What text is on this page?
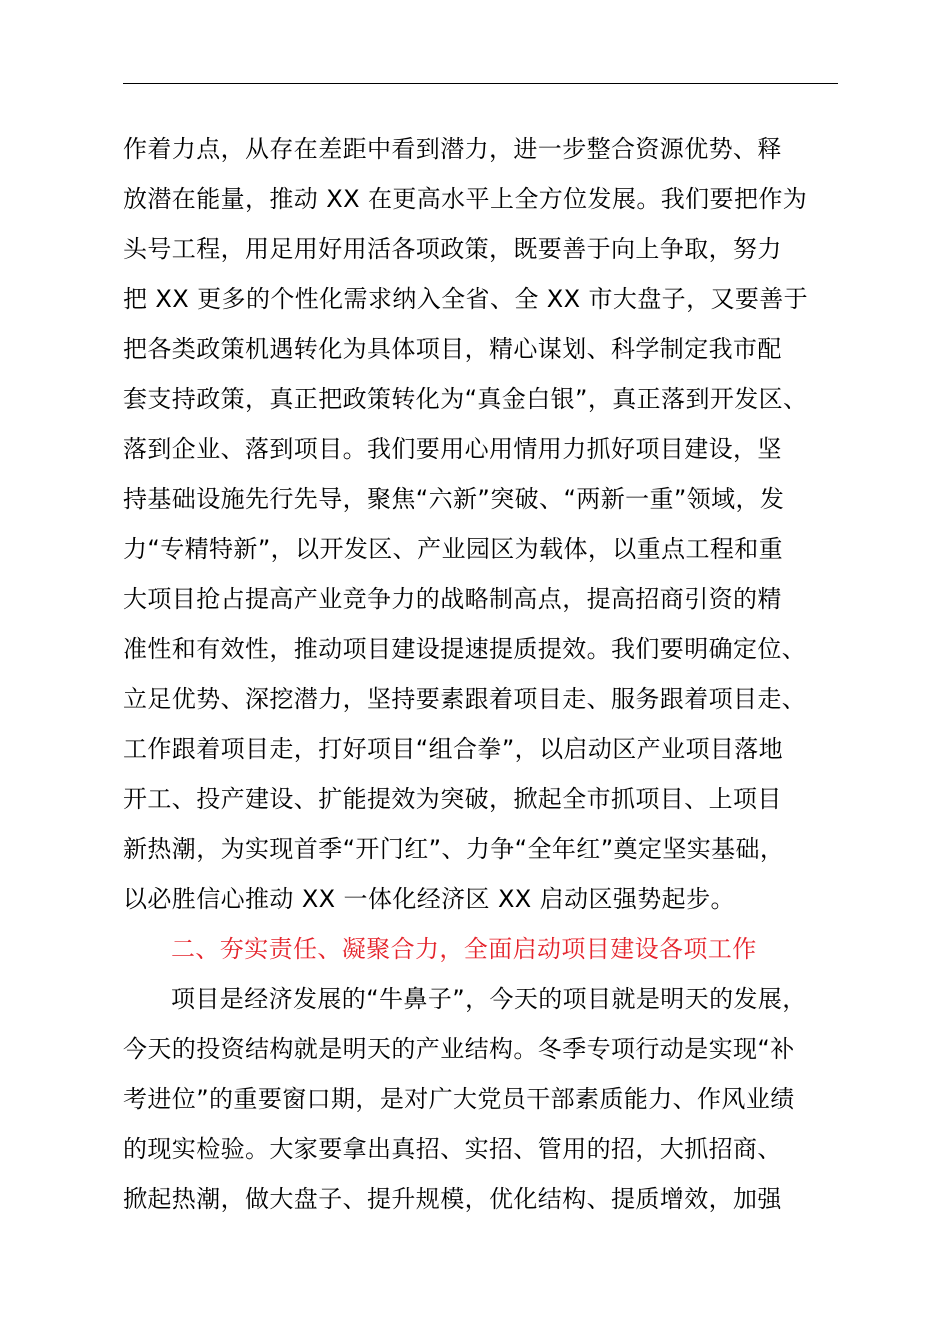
作着力点，从存在差距中看到潜力，进一步整合资源优势、释
放潜在能量，推动 XX 在更高水平上全方位发展。我们要把作为
头号工程，用足用好用活各项政策，既要善于向上争取，努力
把 XX 更多的个性化需求纳入全省、全 XX 市大盘子，又要善于
把各类政策机遇转化为具体项目，精心谋划、科学制定我市配
套支持政策，真正把政策转化为“真金白银”，真正落到开发区、
落到企业、落到项目。我们要用心用情用力抓好项目建设，坚
持基础设施先行先导，聚焦“六新”突破、“两新一重”领域，发
力“专精特新”，以开发区、产业园区为载体，以重点工程和重
大项目抢占提高产业竞争力的战略制高点，提高招商引资的精
准性和有效性，推动项目建设提速提质提效。我们要明确定位、
立足优势、深挖潜力，坚持要素跟着项目走、服务跟着项目走、
工作跟着项目走，打好项目“组合拳”，以启动区产业项目落地
开工、投产建设、扩能提效为突破，掀起全市抓项目、上项目
新热潮，为实现首季“开门红”、力争“全年红”奠定坚实基础，
以必胜信心推动 XX 一体化经济区 XX 启动区强势起步。
二、夯实责任、凝聚合力，全面启动项目建设各项工作
项目是经济发展的“牛鼻子”，今天的项目就是明天的发展，
今天的投资结构就是明天的产业结构。冬季专项行动是实现“补
考进位”的重要窗口期，是对广大党员干部素质能力、作风业绩
的现实检验。大家要拿出真招、实招、管用的招，大抓招商、
掀起热潮，做大盘子、提升规模，优化结构、提质增效，加强
